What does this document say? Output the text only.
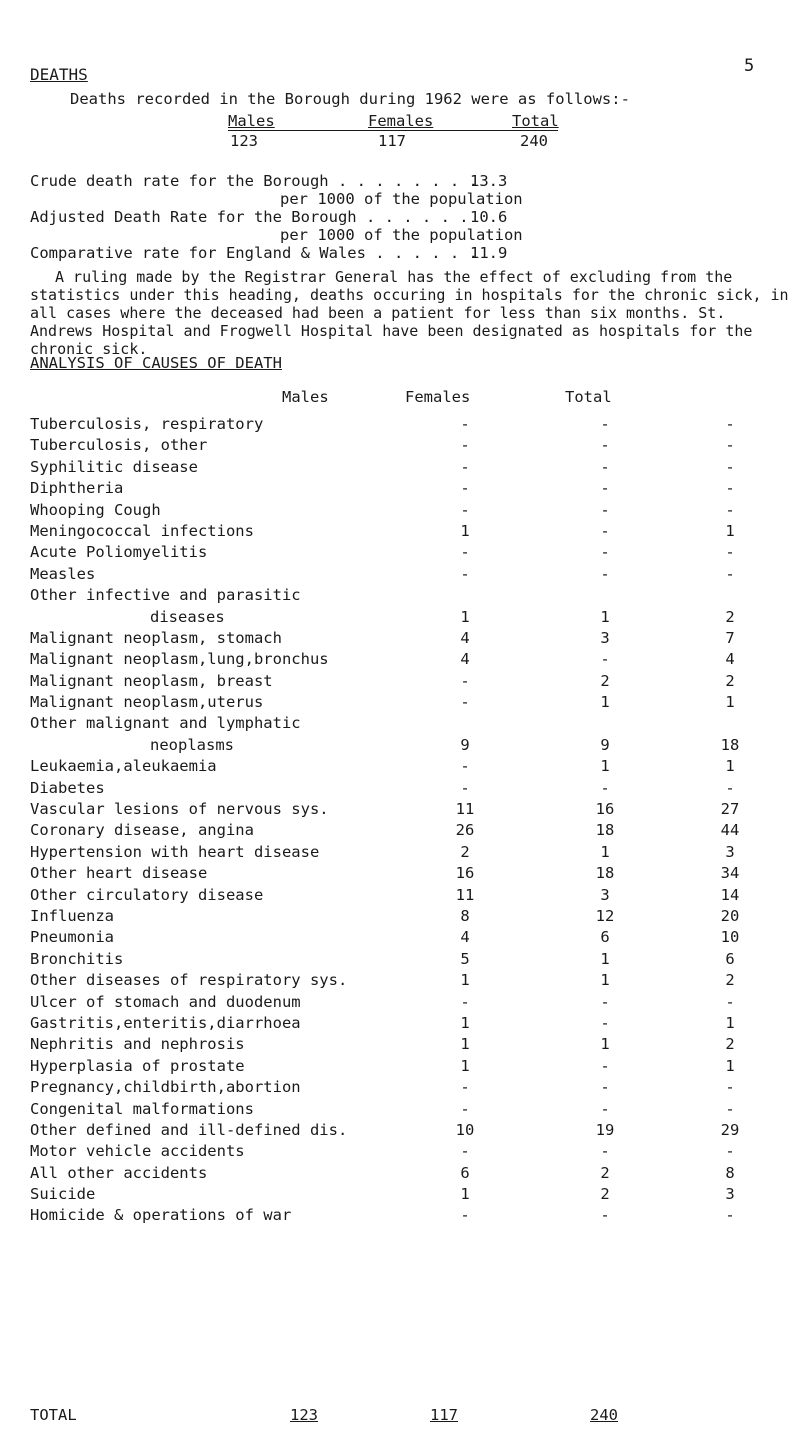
5
DEATHS
Deaths recorded in the Borough during 1962 were as follows:-
Males	Females	Total
123	117	240
Crude death rate for the Borough . . . . . . . .
13.3
per 1000 of the population
Adjusted Death Rate for the Borough . . . . . . 10.6
per 1000 of the population
Comparative rate for England & Wales . . . . . .
11.9
A ruling made by the Registrar General has the effect of excluding from the statistics under this heading, deaths occuring in hospitals for the chronic sick, in all cases where the deceased had been a patient for less than six months. St. Andrews Hospital and Frogwell Hospital have been designated as hospitals for the chronic sick.
ANALYSIS OF CAUSES OF DEATH
Males	Females	Total
Tuberculosis, respiratory	-	-	-
Tuberculosis, other	-	-	-
Syphilitic disease	-	-	-
Diphtheria	-	-	-
Whooping Cough	-	-	-
Meningococcal infections	1	-	1
Acute Poliomyelitis	-	-	-
Measles	-	-	-
Other infective and parasitic			
diseases	1	1	2
Malignant neoplasm, stomach	4	3	7
Malignant neoplasm,lung,bronchus	4	-	4
Malignant neoplasm, breast	-	2	2
Malignant neoplasm,uterus	-	1	1
Other malignant and lymphatic			
neoplasms	9	9	18
Leukaemia,aleukaemia	-	1	1
Diabetes	-	-	-
Vascular lesions of nervous sys.	11	16	27
Coronary disease, angina	26	18	44
Hypertension with heart disease	2	1	3
Other heart disease	16	18	34
Other circulatory disease	11	3	14
Influenza	8	12	20
Pneumonia	4	6	10
Bronchitis	5	1	6
Other diseases of respiratory sys.	1	1	2
Ulcer of stomach and duodenum	-	-	-
Gastritis,enteritis,diarrhoea	1	-	1
Nephritis and nephrosis	1	1	2
Hyperplasia of prostate	1	-	1
Pregnancy,childbirth,abortion	-	-	-
Congenital malformations	-	-	-
Other defined and ill-defined dis.	10	19	29
Motor vehicle accidents	-	-	-
All other accidents	6	2	8
Suicide	1	2	3
Homicide & operations of war	-	-	-
TOTAL	123	117	240
